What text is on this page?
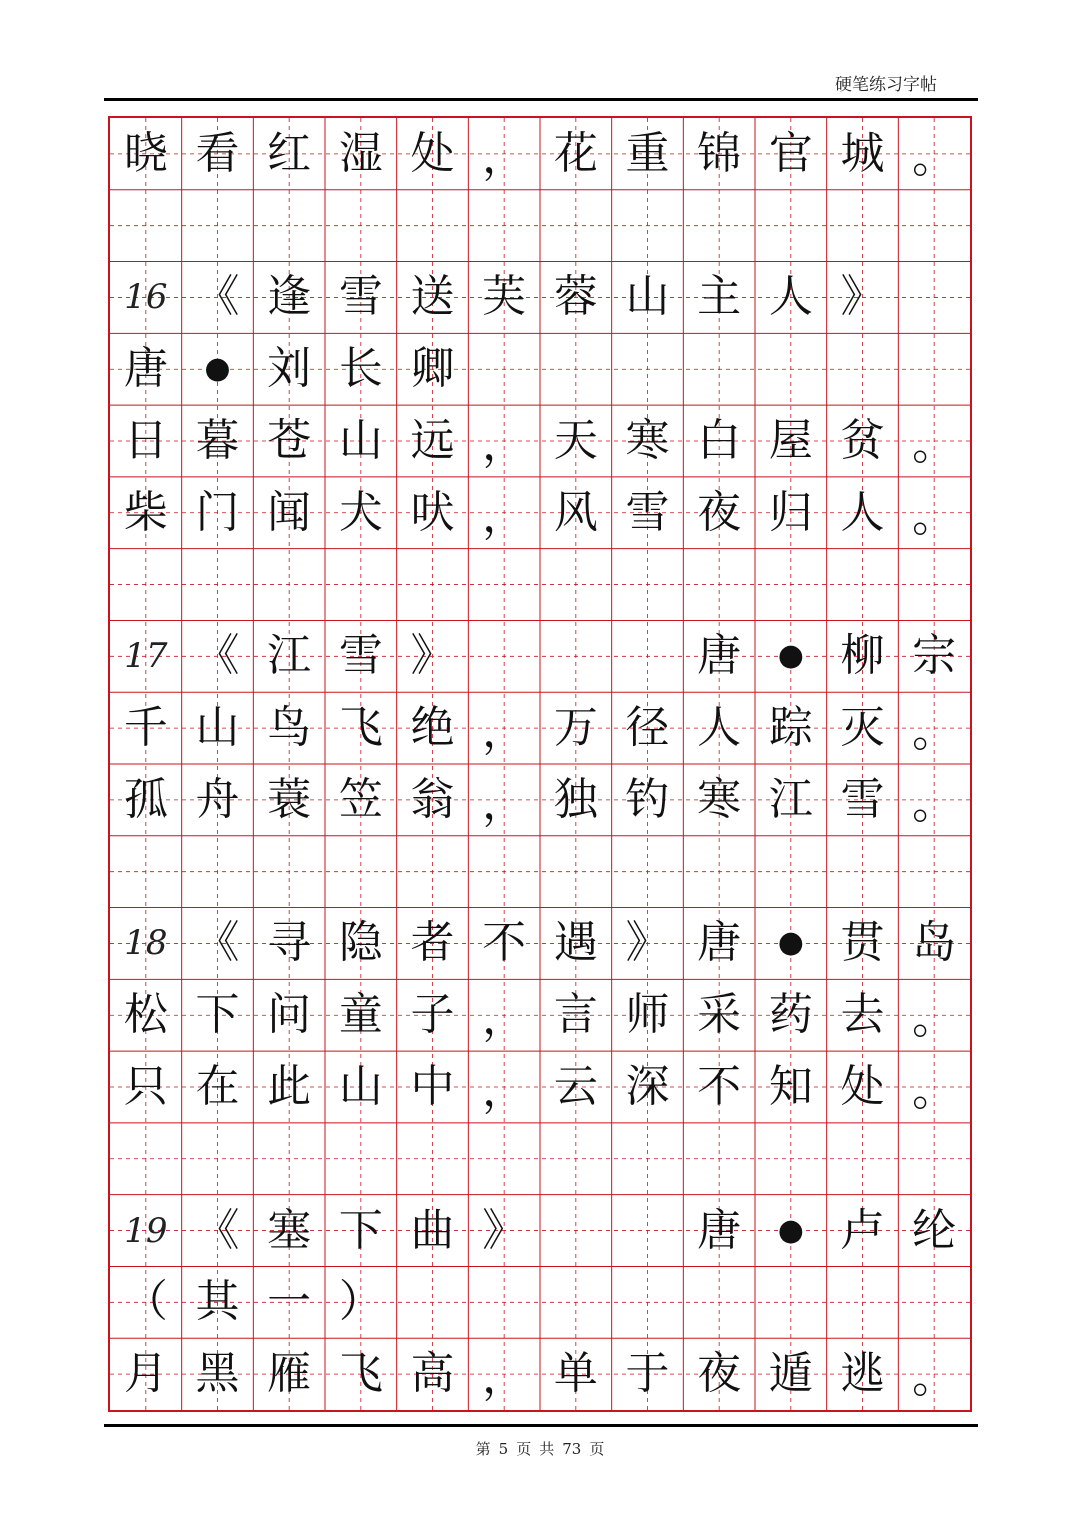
硬笔练习字帖
晓 看 红 湿 处 ， 花 重 锦 官 城 。
16 《 逢 雪 送 芙 蓉 山 主 人 》
唐	● 刘 长 卿
日 暮 苍 山 远 ， 天 寒 白 屋 贫 。
柴 门 闻 犬 吠 ， 风 雪 夜 归 人 。
17 《 江 雪 》	唐	● 柳 宗
千 山 鸟 飞 绝 ， 万 径 人 踪 灭 。
孤 舟 蓑 笠 翁 ， 独 钓 寒 江 雪 。
18 《 寻 隐 者 不 遇 》 唐	● 贯 岛
松 下 问 童 子 ， 言 师 采 药 去 。
只 在 此 山 中 ， 云 深 不 知 处 。
19 《 塞 下 曲 》	唐	● 卢 纶
（ 其 一 ）
月 黑 雁 飞 高 ， 单 于 夜 遁 逃 。
第 5 页 共 73 页
